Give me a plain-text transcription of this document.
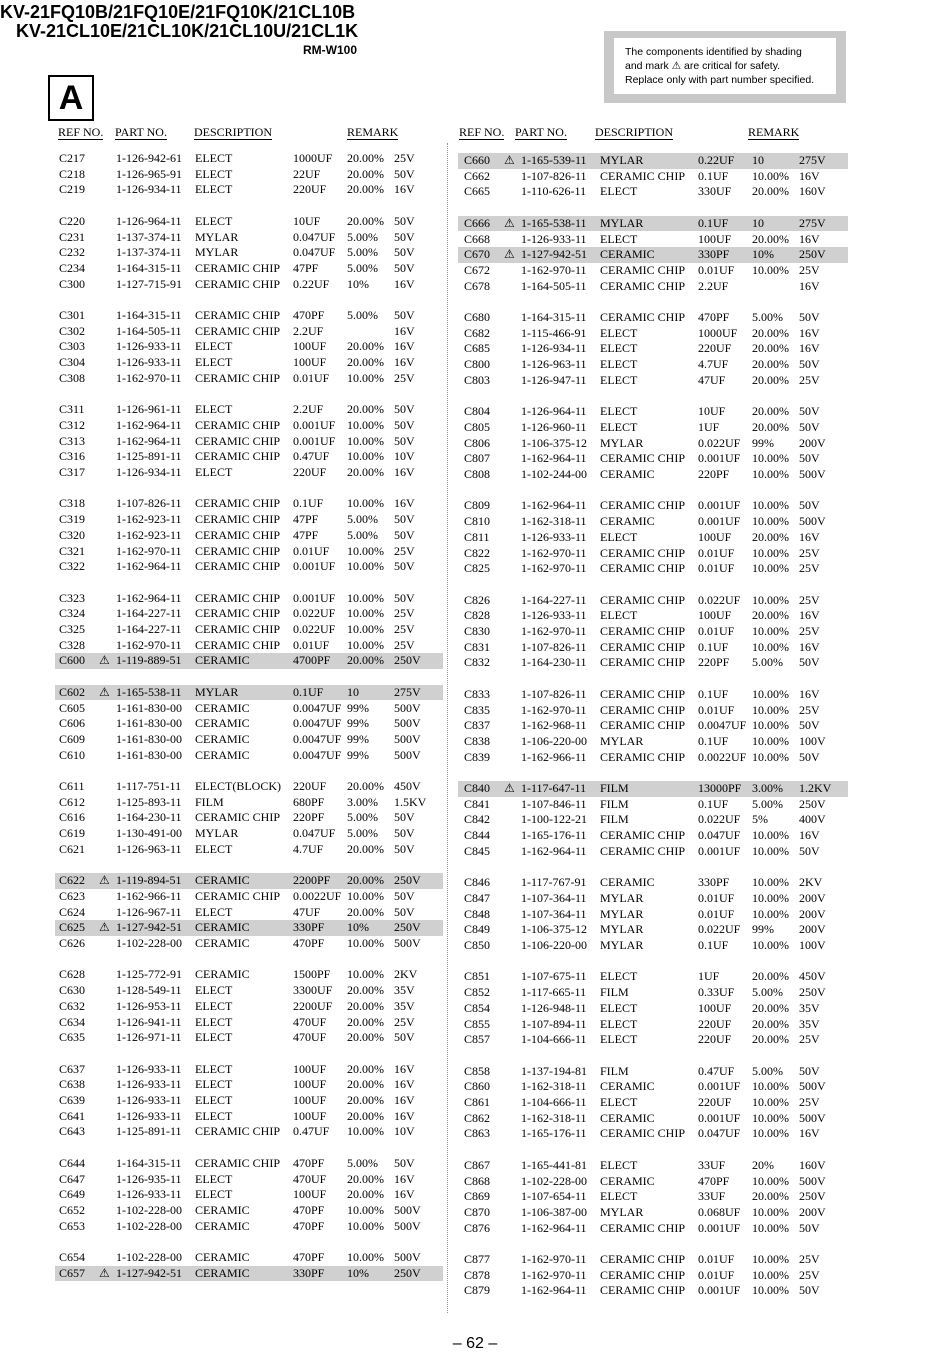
KV-21FQ10B/21FQ10E/21FQ10K/21CL10B
KV-21CL10E/21CL10K/21CL10U/21CL1K
RM-W100	The components identified by shading
and mark ⚠ are critical for safety.
Replace only with part number specified.
A
REF NO. PART NO. DESCRIPTION	REMARK	REF NO. PART NO. DESCRIPTION	REMARK
C217	1-126-942-61 ELECT	1000UF 20.00% 25V
C218	1-126-965-91 ELECT	22UF 20.00% 50V
C219	1-126-934-11 ELECT	220UF 20.00% 16V
C220	1-126-964-11 ELECT	10UF 20.00% 50V
C231	1-137-374-11 MYLAR	0.047UF 5.00% 50V
C232	1-137-374-11 MYLAR	0.047UF 5.00% 50V
C234	1-164-315-11 CERAMIC CHIP 47PF 5.00% 50V
C300	1-127-715-91 CERAMIC CHIP 0.22UF 10% 16V
C301	1-164-315-11 CERAMIC CHIP 470PF 5.00% 50V
C302	1-164-505-11 CERAMIC CHIP 2.2UF	16V
C303	1-126-933-11 ELECT	100UF 20.00% 16V
C304	1-126-933-11 ELECT	100UF 20.00% 16V
C308	1-162-970-11 CERAMIC CHIP 0.01UF 10.00% 25V
C311	1-126-961-11 ELECT	2.2UF 20.00% 50V
C312	1-162-964-11 CERAMIC CHIP 0.001UF 10.00% 50V
C313	1-162-964-11 CERAMIC CHIP 0.001UF 10.00% 50V
C316	1-125-891-11 CERAMIC CHIP 0.47UF 10.00% 10V
C317	1-126-934-11 ELECT	220UF 20.00% 16V
C318	1-107-826-11 CERAMIC CHIP 0.1UF 10.00% 16V
C319	1-162-923-11 CERAMIC CHIP 47PF 5.00% 50V
C320	1-162-923-11 CERAMIC CHIP 47PF 5.00% 50V
C321	1-162-970-11 CERAMIC CHIP 0.01UF 10.00% 25V
C322	1-162-964-11 CERAMIC CHIP 0.001UF 10.00% 50V
C323	1-162-964-11 CERAMIC CHIP 0.001UF 10.00% 50V
C324	1-164-227-11 CERAMIC CHIP 0.022UF 10.00% 25V
C325	1-164-227-11 CERAMIC CHIP 0.022UF 10.00% 25V
C328	1-162-970-11 CERAMIC CHIP 0.01UF 10.00% 25V
⚠
C600	1-119-889-51 CERAMIC	4700PF 20.00% 250V
⚠
C602	1-165-538-11 MYLAR	0.1UF 10	275V
C605	1-161-830-00 CERAMIC	0.0047UF 99% 500V
C606	1-161-830-00 CERAMIC	0.0047UF 99% 500V
C609	1-161-830-00 CERAMIC	0.0047UF 99% 500V
C610	1-161-830-00 CERAMIC	0.0047UF 99% 500V
C611	1-117-751-11 ELECT(BLOCK) 220UF 20.00% 450V
C612	1-125-893-11 FILM	680PF 3.00% 1.5KV
C616	1-164-230-11 CERAMIC CHIP 220PF 5.00% 50V
C619	1-130-491-00 MYLAR	0.047UF 5.00% 50V
C621	1-126-963-11 ELECT	4.7UF 20.00% 50V
⚠
C622	1-119-894-51 CERAMIC	2200PF 20.00% 250V
C623	1-162-966-11 CERAMIC CHIP 0.0022UF 10.00% 50V
C624	1-126-967-11 ELECT	47UF 20.00% 50V
⚠
C625	1-127-942-51 CERAMIC	330PF 10% 250V
C626	1-102-228-00 CERAMIC	470PF 10.00% 500V
C628	1-125-772-91 CERAMIC	1500PF 10.00% 2KV
C630	1-128-549-11 ELECT	3300UF 20.00% 35V
C632	1-126-953-11 ELECT	2200UF 20.00% 35V
C634	1-126-941-11 ELECT	470UF 20.00% 25V
C635	1-126-971-11 ELECT	470UF 20.00% 50V
C637	1-126-933-11 ELECT	100UF 20.00% 16V
C638	1-126-933-11 ELECT	100UF 20.00% 16V
C639	1-126-933-11 ELECT	100UF 20.00% 16V
C641	1-126-933-11 ELECT	100UF 20.00% 16V
C643	1-125-891-11 CERAMIC CHIP 0.47UF 10.00% 10V
C644	1-164-315-11 CERAMIC CHIP 470PF 5.00% 50V
C647	1-126-935-11 ELECT	470UF 20.00% 16V
C649	1-126-933-11 ELECT	100UF 20.00% 16V
C652	1-102-228-00 CERAMIC	470PF 10.00% 500V
C653	1-102-228-00 CERAMIC	470PF 10.00% 500V
C654	1-102-228-00 CERAMIC	470PF 10.00% 500V
⚠
C657	1-127-942-51 CERAMIC	330PF 10% 250V
⚠
C660	1-165-539-11 MYLAR	0.22UF 10	275V
C662	1-107-826-11 CERAMIC CHIP 0.1UF 10.00% 16V
C665	1-110-626-11 ELECT	330UF 20.00% 160V
⚠
C666	1-165-538-11 MYLAR	0.1UF 10	275V
C668	1-126-933-11 ELECT	100UF 20.00% 16V
⚠
C670	1-127-942-51 CERAMIC	330PF 10% 250V
C672	1-162-970-11 CERAMIC CHIP 0.01UF 10.00% 25V
C678	1-164-505-11 CERAMIC CHIP 2.2UF	16V
C680	1-164-315-11 CERAMIC CHIP 470PF 5.00% 50V
C682	1-115-466-91 ELECT	1000UF 20.00% 16V
C685	1-126-934-11 ELECT	220UF 20.00% 16V
C800	1-126-963-11 ELECT	4.7UF 20.00% 50V
C803	1-126-947-11 ELECT	47UF 20.00% 25V
C804	1-126-964-11 ELECT	10UF 20.00% 50V
C805	1-126-960-11 ELECT	1UF	20.00% 50V
C806	1-106-375-12 MYLAR	0.022UF 99% 200V
C807	1-162-964-11 CERAMIC CHIP 0.001UF 10.00% 50V
C808	1-102-244-00 CERAMIC	220PF 10.00% 500V
C809	1-162-964-11 CERAMIC CHIP 0.001UF 10.00% 50V
C810	1-162-318-11 CERAMIC	0.001UF 10.00% 500V
C811	1-126-933-11 ELECT	100UF 20.00% 16V
C822	1-162-970-11 CERAMIC CHIP 0.01UF 10.00% 25V
C825	1-162-970-11 CERAMIC CHIP 0.01UF 10.00% 25V
C826	1-164-227-11 CERAMIC CHIP 0.022UF 10.00% 25V
C828	1-126-933-11 ELECT	100UF 20.00% 16V
C830	1-162-970-11 CERAMIC CHIP 0.01UF 10.00% 25V
C831	1-107-826-11 CERAMIC CHIP 0.1UF 10.00% 16V
C832	1-164-230-11 CERAMIC CHIP 220PF 5.00% 50V
C833	1-107-826-11 CERAMIC CHIP 0.1UF 10.00% 16V
C835	1-162-970-11 CERAMIC CHIP 0.01UF 10.00% 25V
C837	1-162-968-11 CERAMIC CHIP 0.0047UF 10.00% 50V
C838	1-106-220-00 MYLAR	0.1UF 10.00% 100V
C839	1-162-966-11 CERAMIC CHIP 0.0022UF 10.00% 50V
⚠
C840	1-117-647-11 FILM	13000PF 3.00% 1.2KV
C841	1-107-846-11 FILM	0.1UF 5.00% 250V
C842	1-100-122-21 FILM	0.022UF 5%	400V
C844	1-165-176-11 CERAMIC CHIP 0.047UF 10.00% 16V
C845	1-162-964-11 CERAMIC CHIP 0.001UF 10.00% 50V
C846	1-117-767-91 CERAMIC	330PF 10.00% 2KV
C847	1-107-364-11 MYLAR	0.01UF 10.00% 200V
C848	1-107-364-11 MYLAR	0.01UF 10.00% 200V
C849	1-106-375-12 MYLAR	0.022UF 99% 200V
C850	1-106-220-00 MYLAR	0.1UF 10.00% 100V
C851	1-107-675-11 ELECT	1UF	20.00% 450V
C852	1-117-665-11 FILM	0.33UF 5.00% 250V
C854	1-126-948-11 ELECT	100UF 20.00% 35V
C855	1-107-894-11 ELECT	220UF 20.00% 35V
C857	1-104-666-11 ELECT	220UF 20.00% 25V
C858	1-137-194-81 FILM	0.47UF 5.00% 50V
C860	1-162-318-11 CERAMIC	0.001UF 10.00% 500V
C861	1-104-666-11 ELECT	220UF 10.00% 25V
C862	1-162-318-11 CERAMIC	0.001UF 10.00% 500V
C863	1-165-176-11 CERAMIC CHIP 0.047UF 10.00% 16V
C867	1-165-441-81 ELECT	33UF 20% 160V
C868	1-102-228-00 CERAMIC	470PF 10.00% 500V
C869	1-107-654-11 ELECT	33UF 20.00% 250V
C870	1-106-387-00 MYLAR	0.068UF 10.00% 200V
C876	1-162-964-11 CERAMIC CHIP 0.001UF 10.00% 50V
C877	1-162-970-11 CERAMIC CHIP 0.01UF 10.00% 25V
C878	1-162-970-11 CERAMIC CHIP 0.01UF 10.00% 25V
C879	1-162-964-11 CERAMIC CHIP 0.001UF 10.00% 50V
– 62 –
